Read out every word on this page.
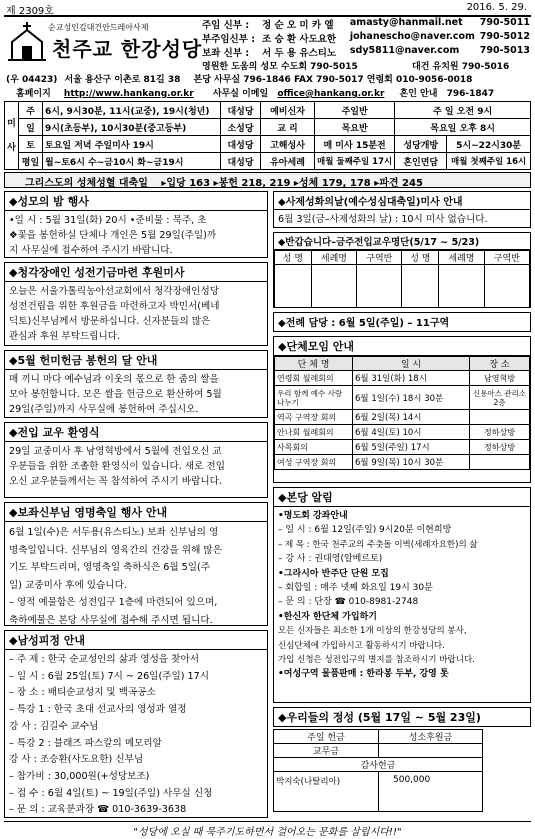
제 2309호	2016. 5. 29.
순교성인김대건안드레아사제
천주교 한강성당
주임 신부 :	정 순 오 미 카 엘	amasty@hanmail.net	790-5011
부주임신부 : 조 승 환 사도요한	johanescho@naver.com 790-5012
보좌 신부 :	서 두 용 유스티노	sdy5811@naver.com	790-5013
영원한 도움의 성모 수도회 790-5015	대건 유치원 790-5016
(우 04423) 서울 용산구 이촌로 81길 38 본당 사무실 796-1846 FAX 790-5017 연령회 010-9056-0018
홈페이지 http://www.hankang.or.kr 사무실 이메일 office@hankang.or.kr 혼인 안내 796-1847
미
사	주	6시, 9시30분, 11시(교중), 19시(청년)	대성당	예비신자	주일반	주 일 오전 9시	
	일	9시(초등부), 10시30분(중고등부)	소성당	교 리	목요반	목요일 오후 8시	
	토	토요일 저녁 주일미사 19시	대성당	고해성사	매 미사 15분전	성당개방	5시~22시30분
	평일	월~토6시 수~금10시 화~금19시	대성당	유아세례	매월 둘째주일 17시	혼인면담	매월 첫째주일 16시
그리스도의 성체성혈 대축일 ▸입당 163 ▸봉헌 218, 219 ▸성체 179, 178 ▸파견 245
◆성모의 밤 행사

•일 시 : 5월 31일(화) 20시 •준비물 : 묵주, 초

❖꽃을 봉헌하실 단체나 개인은 5월 29일(주일)까

지 사무실에 접수하여 주시기 바랍니다.

◆청각장애인 성전기금마련 후원미사

오늘은 서울가톨릭농아선교회에서 청각장애인성당

성전건립을 위한 후원금을 마련하고자 박민서(베네

딕토)신부님께서 방문하십니다. 신자분들의 많은

관심과 후원 부탁드립니다.

◆5월 헌미헌금 봉헌의 달 안내

매 끼니 마다 예수님과 이웃의 몫으로 한 줌의 쌀을

모아 봉헌합니다. 모은 쌀을 헌금으로 환산하여 5월

29일(주일)까지 사무실에 봉헌하여 주십시오.

◆전입 교우 환영식

29일 교중미사 후 남영혁방에서 5월에 전입오신 교

우분들을 위한 조촐한 환영식이 있습니다. 새로 전입

오신 교우분들께서는 꼭 참석하여 주시기 바랍니다.

◆보좌신부님 영명축일 행사 안내

6월 1일(수)은 서두용(유스티노) 보좌 신부님의 영

명축일입니다. 신부님의 영육간의 건강을 위해 많은

기도 부탁드리며, 영명축일 축하식은 6월 5일(주

일) 교중미사 후에 있습니다.

– 영적 예물함은 성전입구 1층에 마련되어 있으며,

축하예물은 본당 사무실에 접수해 주시면 됩니다.

◆남성피정 안내

– 주 제 : 한국 순교성인의 삶과 영성을 찾아서

– 일 시 : 6월 25일(토) 7시 ~ 26일(주일) 17시

– 장 소 : 배티순교성지 및 백곡공소

– 특강 1 : 한국 초대 선교사의 영성과 열정

강 사 : 김길수 교수님

– 특강 2 : 블래즈 파스칼의 메모리알

강 사 : 조승환(사도요한) 신부님

– 참가비 : 30,000원(+성당보조)

– 접 수 : 6월 4일(토) ~ 19일(주일) 사무실 신청

– 문 의 : 교육분과장 ☎ 010-3639-3638

◆사제성화의날(예수성심대축일)미사 안내

6월 3일(금–사제성화의 날) : 10시 미사 없습니다.

◆반갑습니다–금주전입교우명단(5/17 ~ 5/23)
성 명	세례명	구역반	성 명	세례명	구역반

◆전례 담당 : 6월 5일(주일) – 11구역
◆단체모임 안내
단 체 명	일 시	장 소
연령회 월례회의	6월 31일(화) 18시	남영혁방
우리 함께 예수 사랑 나누기	6월 1일(수) 18시 30분	신용아스 관리소2층
역곡 구역장 회의	6월 2일(목) 14시	
안나회 월례회의	6월 4일(토) 10시	정하상방
사목회의	6월 5일(주일) 17시	정하상방
여성 구역장 회의	6월 9일(목) 10시 30분	
◆본당 알림

•명도회 강좌안내

– 일 시 : 6월 12일(주일) 9시20분 이현희방

– 제 목 : 한국 천주교의 주춧돌 이벽(세례자요한)의 삶

– 강 사 : 권대영(알베르토)

•그라시아 반주단 단원 모집

– 회합일 : 매주 넷째 화요일 19시 30분

– 문 의 : 단장 ☎ 010-8981-2748

•한신자 한단체 가입하기

모든 신자들은 최소한 1개 이상의 한강성당의 봉사,

신심단체에 가입하시고 활동하시기 바랍니다.

가입 신청은 성전입구의 별지를 참조하시기 바랍니다.

•여성구역 물품판매 : 한라봉 두부, 강영 톳

◆우리들의 정성 (5월 17일 ~ 5월 23일)
주일 헌금	성소후원금
교무금	
감사헌금	
박지숙(나탈리아)	500,000
"성당에 오실 때 묵주기도하면서 걸어오는 문화를 살립시다!!"
